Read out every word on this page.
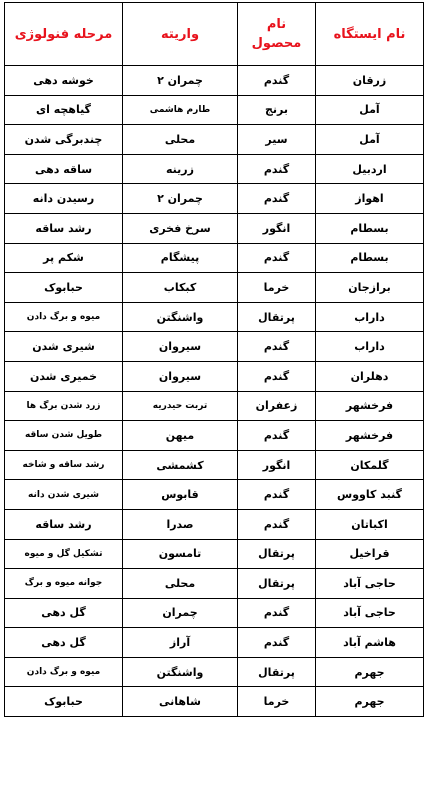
نام ایستگاه	نام محصول	واریته	مرحله فنولوژی
زرقان	گندم	چمران ۲	خوشه دهی
آمل	برنج	طارم هاشمی	گیاهچه ای
آمل	سیر	محلی	چندبرگی شدن
اردبیل	گندم	زرینه	ساقه دهی
اهواز	گندم	چمران ۲	رسیدن دانه
بسطام	انگور	سرخ فخری	رشد ساقه
بسطام	گندم	پیشگام	شکم پر
برازجان	خرما	کبکاب	حبابوک
داراب	پرتقال	واشنگتن	میوه و برگ دادن
داراب	گندم	سیروان	شیری شدن
دهلران	گندم	سیروان	خمیری شدن
فرخشهر	زعفران	تربت حیدریه	زرد شدن برگ ها
فرخشهر	گندم	میهن	طویل شدن ساقه
گلمکان	انگور	کشمشی	رشد ساقه و شاخه
گنبد کاووس	گندم	قابوس	شیری شدن دانه
اکباتان	گندم	صدرا	رشد ساقه
قراخیل	پرتقال	تامسون	تشکیل گل و میوه
حاجی آباد	پرتقال	محلی	جوانه میوه و برگ
حاجی آباد	گندم	چمران	گل دهی
هاشم آباد	گندم	آراز	گل دهی
جهرم	پرتقال	واشنگتن	میوه و برگ دادن
جهرم	خرما	شاهانی	حبابوک
